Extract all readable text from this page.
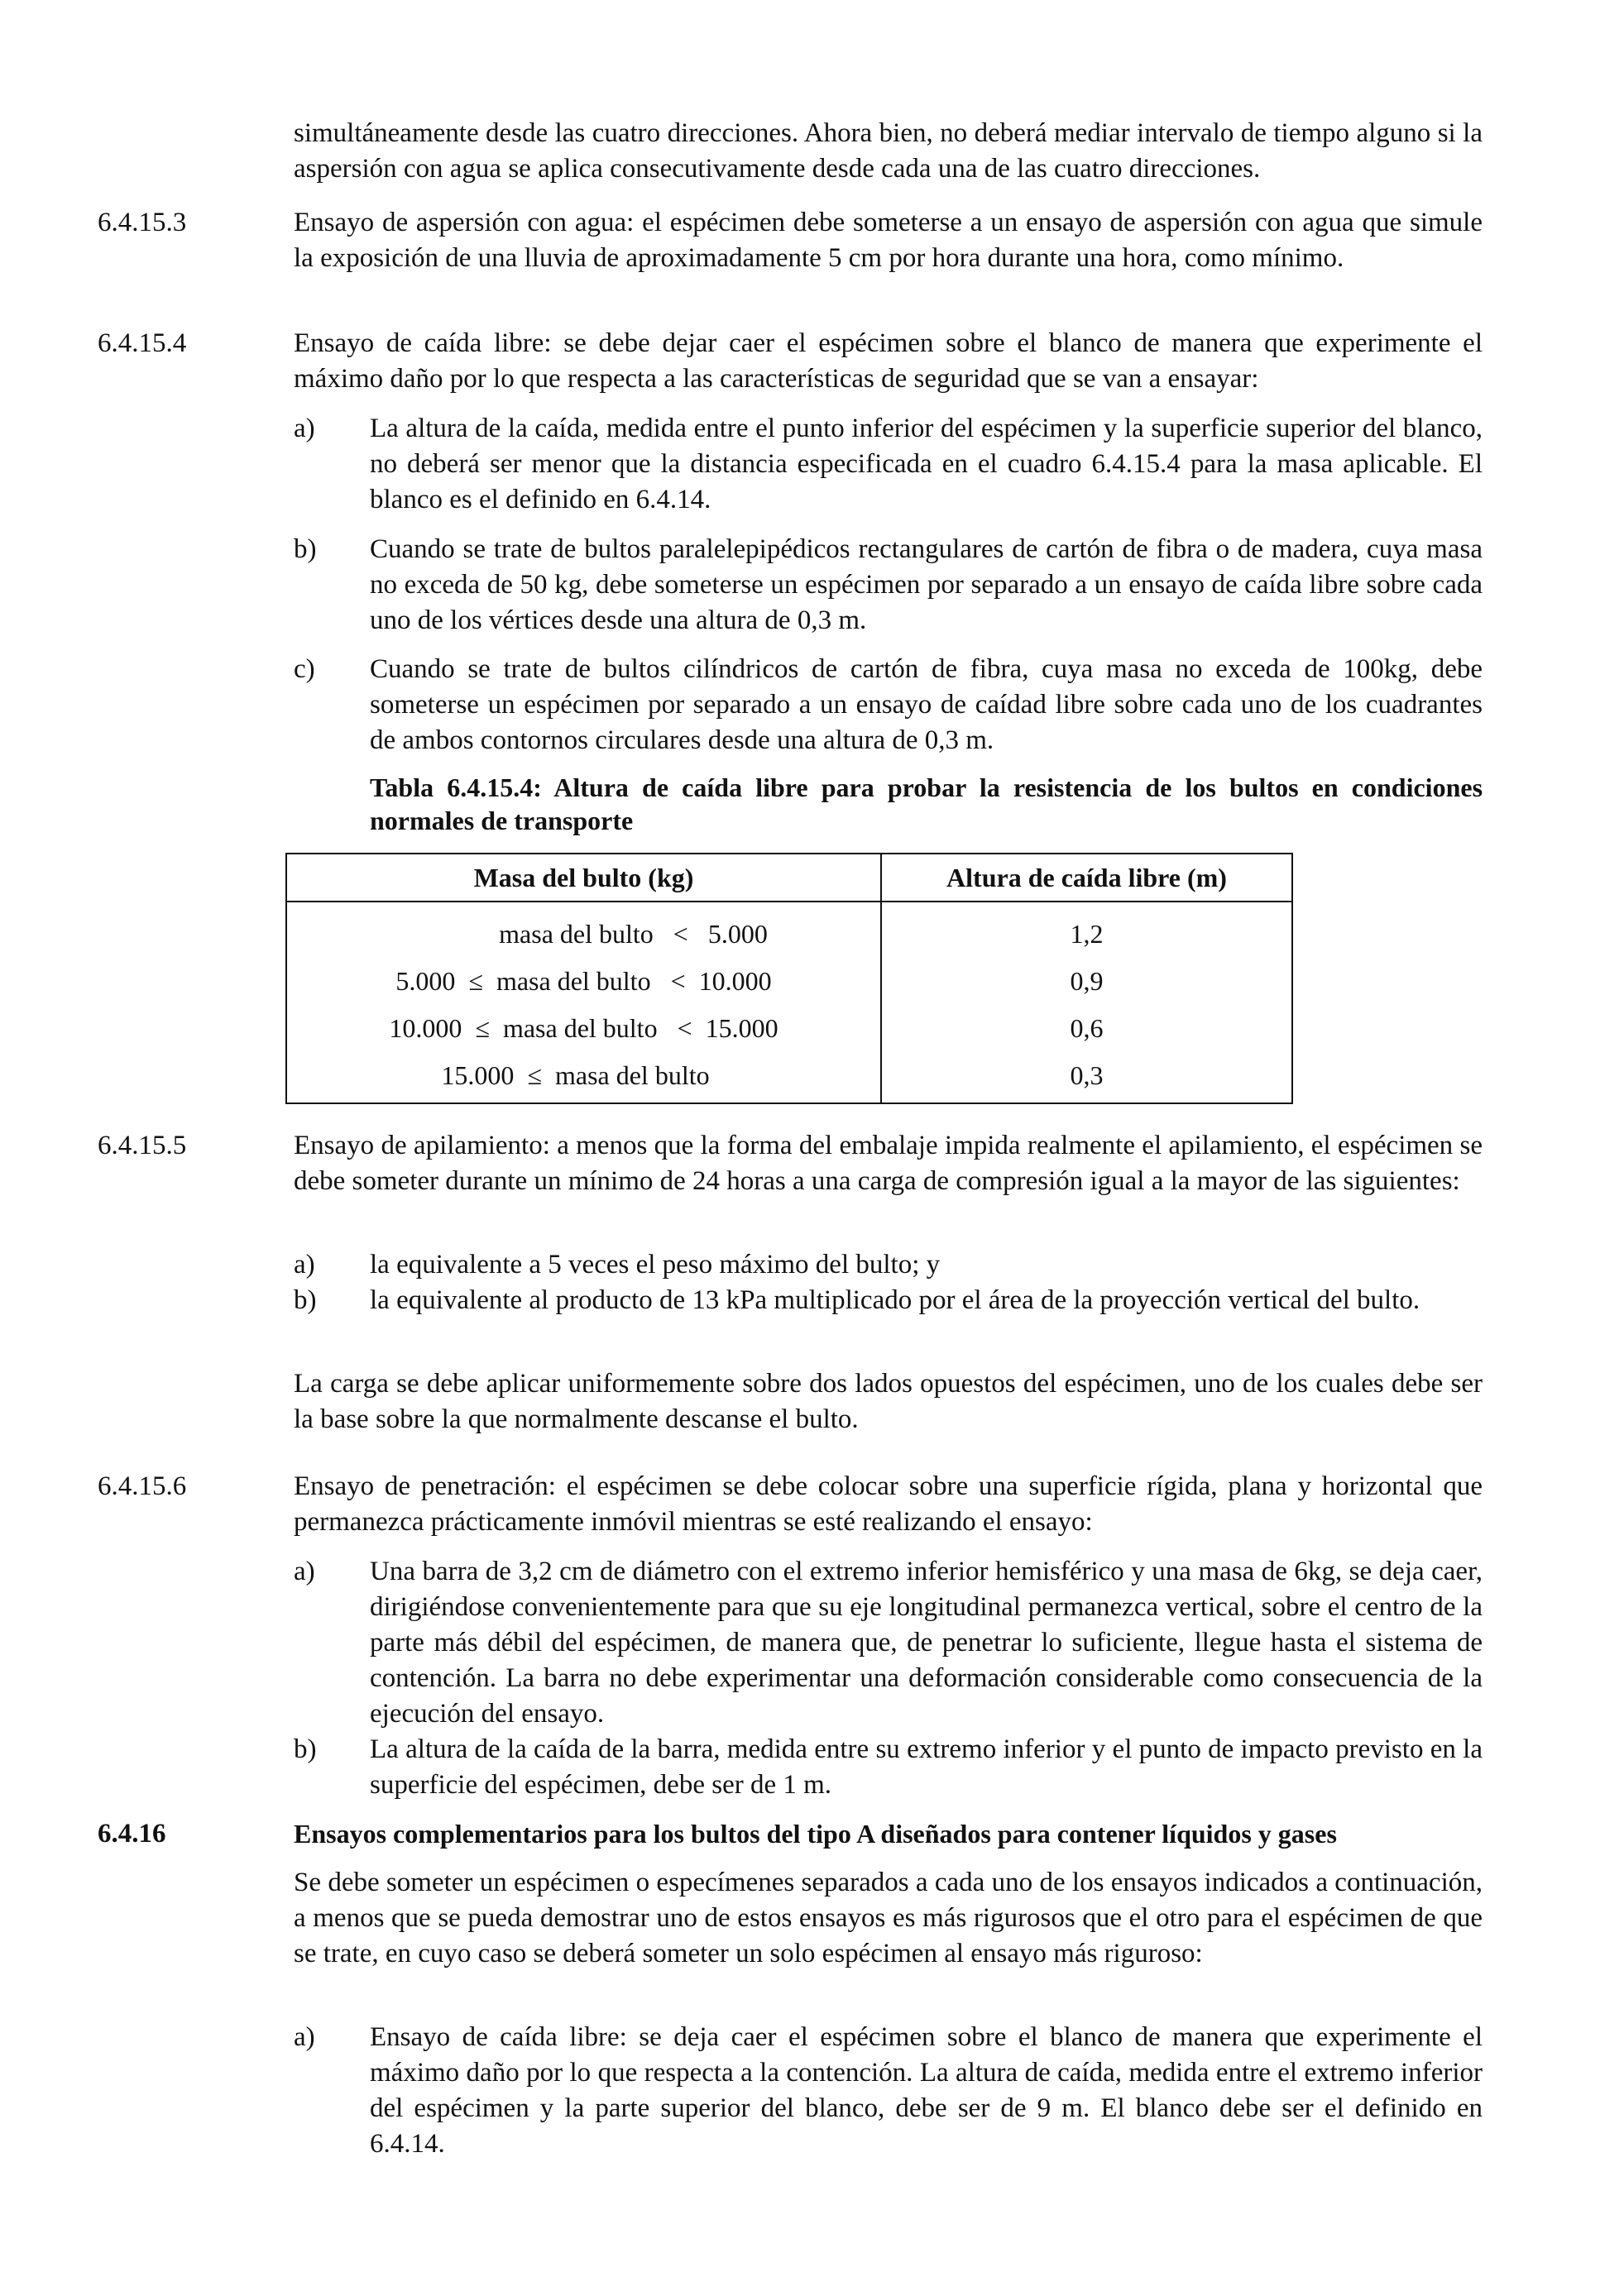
simultáneamente desde las cuatro direcciones. Ahora bien, no deberá mediar intervalo de tiempo alguno si la aspersión con agua se aplica consecutivamente desde cada una de las cuatro direcciones.
6.4.15.3	Ensayo de aspersión con agua: el espécimen debe someterse a un ensayo de aspersión con agua que simule la exposición de una lluvia de aproximadamente 5 cm por hora durante una hora, como mínimo.
6.4.15.4	Ensayo de caída libre: se debe dejar caer el espécimen sobre el blanco de manera que experimente el máximo daño por lo que respecta a las características de seguridad que se van a ensayar:
a) La altura de la caída, medida entre el punto inferior del espécimen y la superficie superior del blanco, no deberá ser menor que la distancia especificada en el cuadro 6.4.15.4 para la masa aplicable. El blanco es el definido en 6.4.14.
b) Cuando se trate de bultos paralelepipédicos rectangulares de cartón de fibra o de madera, cuya masa no exceda de 50 kg, debe someterse un espécimen por separado a un ensayo de caída libre sobre cada uno de los vértices desde una altura de 0,3 m.
c) Cuando se trate de bultos cilíndricos de cartón de fibra, cuya masa no exceda de 100kg, debe someterse un espécimen por separado a un ensayo de caídad libre sobre cada uno de los cuadrantes de ambos contornos circulares desde una altura de 0,3 m.
Tabla 6.4.15.4: Altura de caída libre para probar la resistencia de los bultos en condiciones normales de transporte
Masa del bulto (kg)	Altura de caída libre (m)
masa del bulto   <   5.000	1,2
5.000  ≤  masa del bulto   <  10.000	0,9
10.000  ≤  masa del bulto   <  15.000	0,6
15.000  ≤  masa del bulto	0,3
6.4.15.5	Ensayo de apilamiento: a menos que la forma del embalaje impida realmente el apilamiento, el espécimen se debe someter durante un mínimo de 24 horas a una carga de compresión igual a la mayor de las siguientes:
a) la equivalente a 5 veces el peso máximo del bulto; y
b) la equivalente al producto de 13 kPa multiplicado por el área de la proyección vertical del bulto.
La carga se debe aplicar uniformemente sobre dos lados opuestos del espécimen, uno de los cuales debe ser la base sobre la que normalmente descanse el bulto.
6.4.15.6	Ensayo de penetración: el espécimen se debe colocar sobre una superficie rígida, plana y horizontal que permanezca prácticamente inmóvil mientras se esté realizando el ensayo:
a) Una barra de 3,2 cm de diámetro con el extremo inferior hemisférico y una masa de 6kg, se deja caer, dirigiéndose convenientemente para que su eje longitudinal permanezca vertical, sobre el centro de la parte más débil del espécimen, de manera que, de penetrar lo suficiente, llegue hasta el sistema de contención. La barra no debe experimentar una deformación considerable como consecuencia de la ejecución del ensayo.
b) La altura de la caída de la barra, medida entre su extremo inferior y el punto de impacto previsto en la superficie del espécimen, debe ser de 1 m.
6.4.16	Ensayos complementarios para los bultos del tipo A diseñados para contener líquidos y gases
Se debe someter un espécimen o especímenes separados a cada uno de los ensayos indicados a continuación, a menos que se pueda demostrar uno de estos ensayos es más rigurosos que el otro para el espécimen de que se trate, en cuyo caso se deberá someter un solo espécimen al ensayo más riguroso:
a) Ensayo de caída libre: se deja caer el espécimen sobre el blanco de manera que experimente el máximo daño por lo que respecta a la contención. La altura de caída, medida entre el extremo inferior del espécimen y la parte superior del blanco, debe ser de 9 m. El blanco debe ser el definido en 6.4.14.
